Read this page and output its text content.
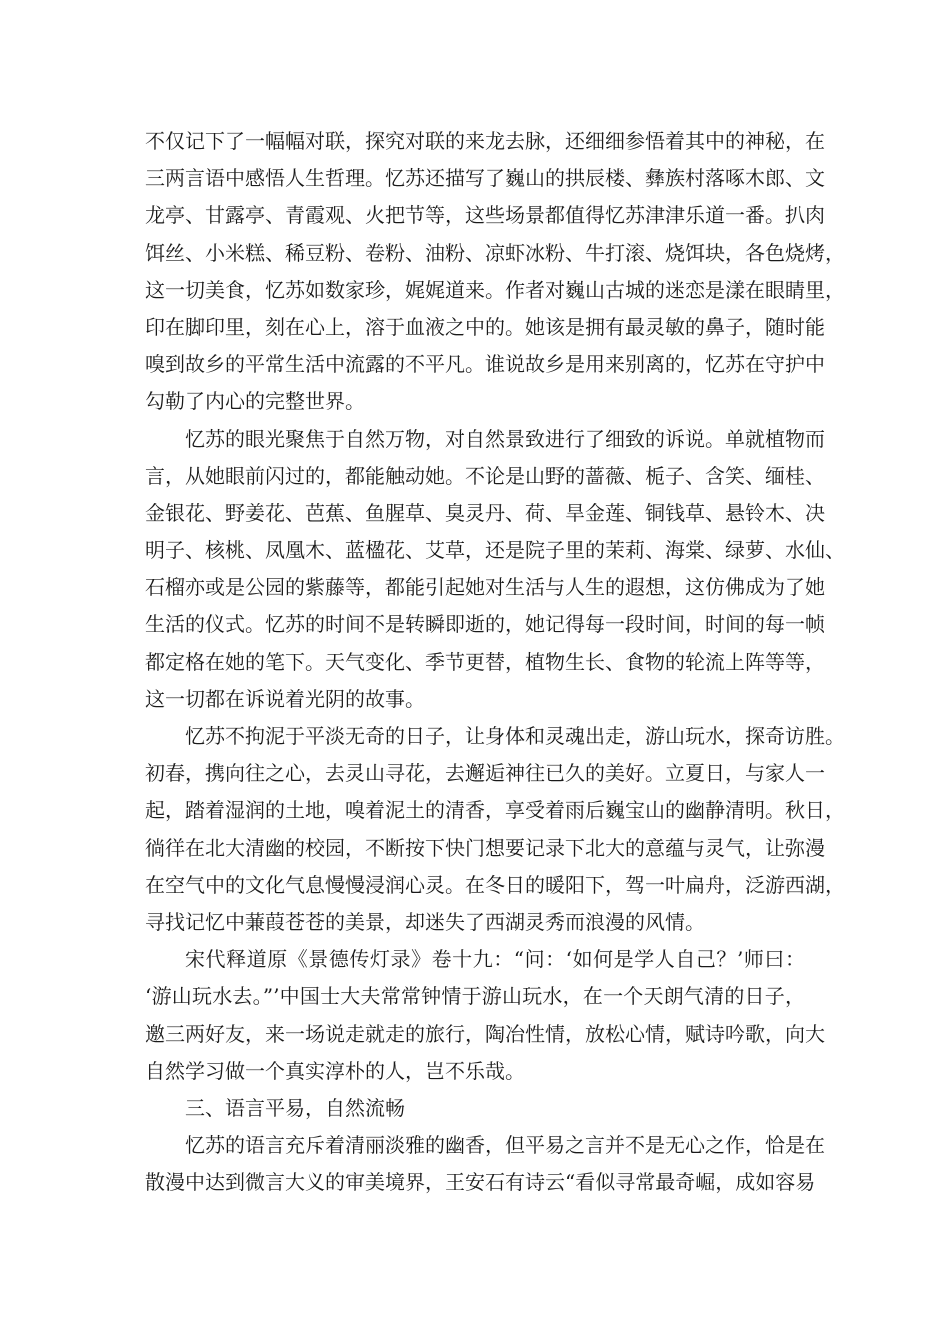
不仅记下了一幅幅对联，探究对联的来龙去脉，还细细参悟着其中的神秘，在
三两言语中感悟人生哲理。忆苏还描写了巍山的拱辰楼、彝族村落啄木郎、文
龙亭、甘露亭、青霞观、火把节等，这些场景都值得忆苏津津乐道一番。扒肉
饵丝、小米糕、稀豆粉、卷粉、油粉、凉虾冰粉、牛打滚、烧饵块，各色烧烤，
这一切美食，忆苏如数家珍，娓娓道来。作者对巍山古城的迷恋是漾在眼睛里，
印在脚印里，刻在心上，溶于血液之中的。她该是拥有最灵敏的鼻子，随时能
嗅到故乡的平常生活中流露的不平凡。谁说故乡是用来别离的，忆苏在守护中
勾勒了内心的完整世界。
忆苏的眼光聚焦于自然万物，对自然景致进行了细致的诉说。单就植物而
言，从她眼前闪过的，都能触动她。不论是山野的蔷薇、栀子、含笑、缅桂、
金银花、野姜花、芭蕉、鱼腥草、臭灵丹、荷、旱金莲、铜钱草、悬铃木、决
明子、核桃、凤凰木、蓝楹花、艾草，还是院子里的茉莉、海棠、绿萝、水仙、
石榴亦或是公园的紫藤等，都能引起她对生活与人生的遐想，这仿佛成为了她
生活的仪式。忆苏的时间不是转瞬即逝的，她记得每一段时间，时间的每一帧
都定格在她的笔下。天气变化、季节更替，植物生长、食物的轮流上阵等等，
这一切都在诉说着光阴的故事。
忆苏不拘泥于平淡无奇的日子，让身体和灵魂出走，游山玩水，探奇访胜。
初春，携向往之心，去灵山寻花，去邂逅神往已久的美好。立夏日，与家人一
起，踏着湿润的土地，嗅着泥土的清香，享受着雨后巍宝山的幽静清明。秋日，
徜徉在北大清幽的校园，不断按下快门想要记录下北大的意蕴与灵气，让弥漫
在空气中的文化气息慢慢浸润心灵。在冬日的暖阳下，驾一叶扁舟，泛游西湖，
寻找记忆中蒹葭苍苍的美景，却迷失了西湖灵秀而浪漫的风情。
宋代释道原《景德传灯录》卷十九：“问：‘如何是学人自己？’师曰：
‘游山玩水去。”’中国士大夫常常钟情于游山玩水，在一个天朗气清的日子，
邀三两好友，来一场说走就走的旅行，陶冶性情，放松心情，赋诗吟歌，向大
自然学习做一个真实淳朴的人，岂不乐哉。
三、语言平易，自然流畅
忆苏的语言充斥着清丽淡雅的幽香，但平易之言并不是无心之作，恰是在
散漫中达到微言大义的审美境界，王安石有诗云“看似寻常最奇崛，成如容易
